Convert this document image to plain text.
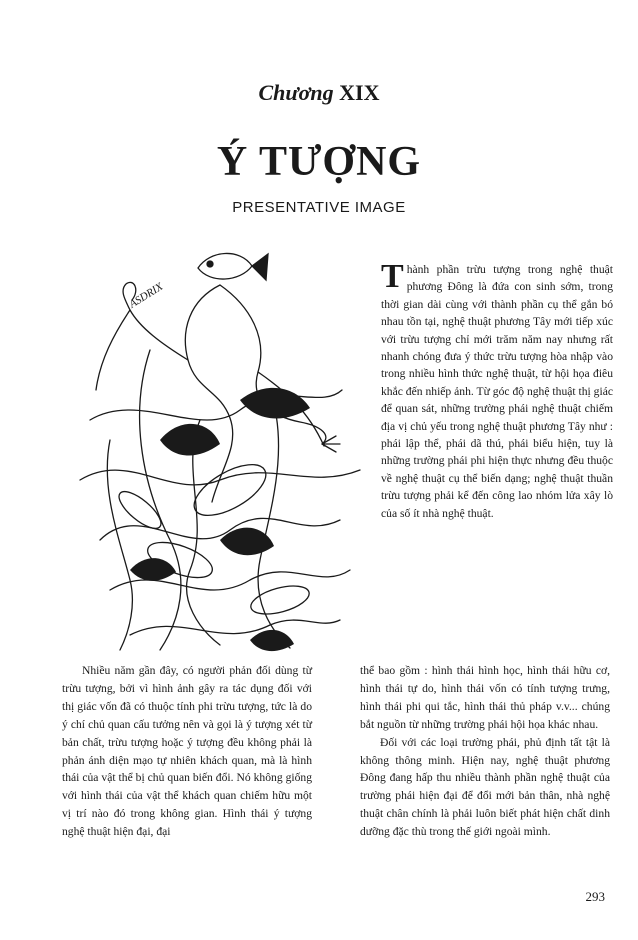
Chương XIX
Ý TƯỢNG
PRESENTATIVE IMAGE
ASDRIX
Thành phần trừu tượng trong nghệ thuật phương Đông là đứa con sinh sớm, trong thời gian dài cùng với thành phần cụ thể gắn bó nhau tồn tại, nghệ thuật phương Tây mới tiếp xúc với trừu tượng chỉ mới trăm năm nay nhưng rất nhanh chóng đưa ý thức trừu tượng hòa nhập vào trong nhiều hình thức nghệ thuật, từ hội họa điêu khắc đến nhiếp ảnh. Từ góc độ nghệ thuật thị giác để quan sát, những trường phái nghệ thuật chiếm địa vị chủ yếu trong nghệ thuật phương Tây như : phái lập thể, phái dã thú, phái biểu hiện, tuy là những trường phái phi hiện thực nhưng đều thuộc về nghệ thuật cụ thể biến dạng; nghệ thuật thuần trừu tượng phải kể đến công lao nhóm lửa xây lò của số ít nhà nghệ thuật.

Nhiều năm gần đây, có người phản đối dùng từ trừu tượng, bởi vì hình ảnh gây ra tác dụng đối với thị giác vốn đã có thuộc tính phi trừu tượng, tức là do ý chí chủ quan cấu tưởng nên và gọi là ý tượng xét từ bản chất, trừu tượng hoặc ý tượng đều không phải là phản ánh diện mạo tự nhiên khách quan, mà là hình thái của vật thể bị chủ quan biến đổi. Nó không giống với hình thái của vật thể khách quan chiếm hữu một vị trí nào đó trong không gian. Hình thái ý tượng nghệ thuật hiện đại, đại

thể bao gồm : hình thái hình học, hình thái hữu cơ, hình thái tự do, hình thái vốn có tính tượng trưng, hình thái phi qui tắc, hình thái thủ pháp v.v... chúng bắt nguồn từ những trường phái hội họa khác nhau.

Đối với các loại trường phái, phủ định tất tật là không thông minh. Hiện nay, nghệ thuật phương Đông đang hấp thu nhiều thành phần nghệ thuật của trường phái hiện đại để đổi mới bản thân, nhà nghệ thuật chân chính là phải luôn biết phát hiện chất dinh dưỡng đặc thù trong thế giới ngoài mình.

293
